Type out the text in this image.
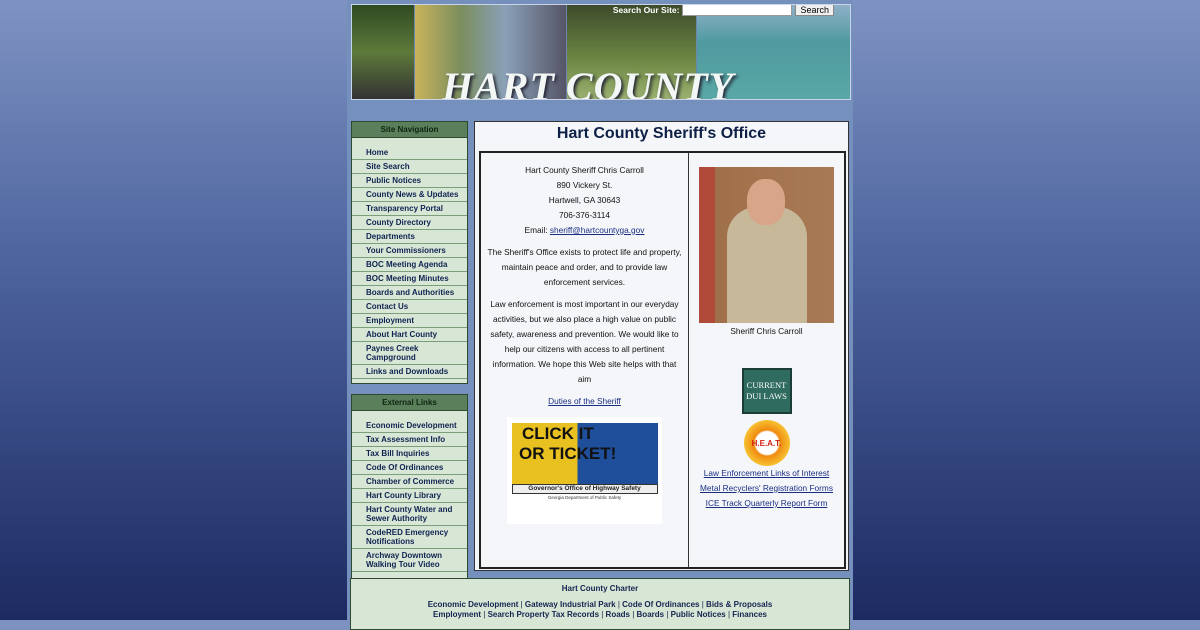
HART COUNTY
Search Our Site:	Search
Site Navigation
Home
Site Search
Public Notices
County News & Updates
Transparency Portal
County Directory
Departments
Your Commissioners
BOC Meeting Agenda
BOC Meeting Minutes
Boards and Authorities
Contact Us
Employment
About Hart County
Paynes Creek Campground
Links and Downloads
External Links
Economic Development
Tax Assessment Info
Tax Bill Inquiries
Code Of Ordinances
Chamber of Commerce
Hart County Library
Hart County Water and Sewer Authority
CodeRED Emergency Notifications
Archway Downtown Walking Tour Video
Hart County Sheriff's Office
Hart County Sheriff Chris Carroll
890 Vickery St.
Hartwell, GA 30643
706-376-3114
Email: sheriff@hartcountyga.gov

The Sheriff's Office exists to protect life and property, maintain peace and order, and to provide law enforcement services.

Law enforcement is most important in our everyday activities, but we also place a high value on public safety, awareness and prevention. We would like to help our citizens with access to all pertinent information. We hope this Web site helps with that aim

Duties of the Sheriff
CLICK IT
OR TICKET!
Governor's Office of Highway Safety
Georgia Department of Public Safety
Sheriff Chris Carroll
CURRENT DUI LAWS
H.E.A.T.
Law Enforcement Links of Interest
Metal Recyclers' Registration Forms
ICE Track Quarterly Report Form
Hart County Charter
Economic Development | Gateway Industrial Park | Code Of Ordinances | Bids & Proposals
Employment | Search Property Tax Records | Roads | Boards | Public Notices | Finances
